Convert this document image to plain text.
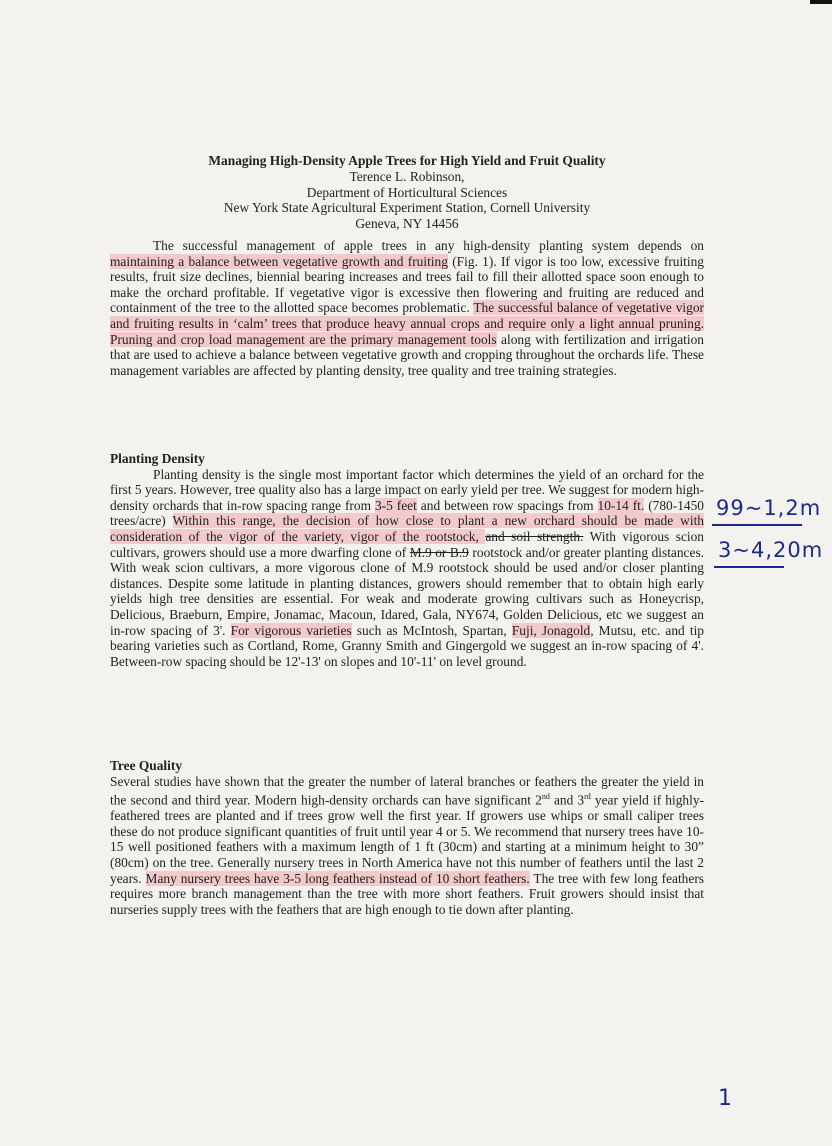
Managing High-Density Apple Trees for High Yield and Fruit Quality
Terence L. Robinson,
Department of Horticultural Sciences
New York State Agricultural Experiment Station, Cornell University
Geneva, NY 14456

The successful management of apple trees in any high-density planting system depends on maintaining a balance between vegetative growth and fruiting (Fig. 1). If vigor is too low, excessive fruiting results, fruit size declines, biennial bearing increases and trees fail to fill their allotted space soon enough to make the orchard profitable. If vegetative vigor is excessive then flowering and fruiting are reduced and containment of the tree to the allotted space becomes problematic. The successful balance of vegetative vigor and fruiting results in ‘calm’ trees that produce heavy annual crops and require only a light annual pruning. Pruning and crop load management are the primary management tools along with fertilization and irrigation that are used to achieve a balance between vegetative growth and cropping throughout the orchards life. These management variables are affected by planting density, tree quality and tree training strategies.

Planting Density

Planting density is the single most important factor which determines the yield of an orchard for the first 5 years. However, tree quality also has a large impact on early yield per tree. We suggest for modern high-density orchards that in-row spacing range from 3-5 feet and between row spacings from 10-14 ft. (780-1450 trees/acre) Within this range, the decision of how close to plant a new orchard should be made with consideration of the vigor of the variety, vigor of the rootstock, and soil strength. With vigorous scion cultivars, growers should use a more dwarfing clone of M.9 or B.9 rootstock and/or greater planting distances. With weak scion cultivars, a more vigorous clone of M.9 rootstock should be used and/or closer planting distances. Despite some latitude in planting distances, growers should remember that to obtain high early yields high tree densities are essential. For weak and moderate growing cultivars such as Honeycrisp, Delicious, Braeburn, Empire, Jonamac, Macoun, Idared, Gala, NY674, Golden Delicious, etc we suggest an in-row spacing of 3'. For vigorous varieties such as McIntosh, Spartan, Fuji, Jonagold, Mutsu, etc. and tip bearing varieties such as Cortland, Rome, Granny Smith and Gingergold we suggest an in-row spacing of 4'. Between-row spacing should be 12'-13' on slopes and 10'-11' on level ground.

Tree Quality

Several studies have shown that the greater the number of lateral branches or feathers the greater the yield in the second and third year. Modern high-density orchards can have significant 2nd and 3rd year yield if highly-feathered trees are planted and if trees grow well the first year. If growers use whips or small caliper trees these do not produce significant quantities of fruit until year 4 or 5. We recommend that nursery trees have 10-15 well positioned feathers with a maximum length of 1 ft (30cm) and starting at a minimum height to 30” (80cm) on the tree. Generally nursery trees in North America have not this number of feathers until the last 2 years. Many nursery trees have 3-5 long feathers instead of 10 short feathers. The tree with few long feathers requires more branch management than the tree with more short feathers. Fruit growers should insist that nurseries supply trees with the feathers that are high enough to tie down after planting.

99~1,2m
3~4,20m
1
